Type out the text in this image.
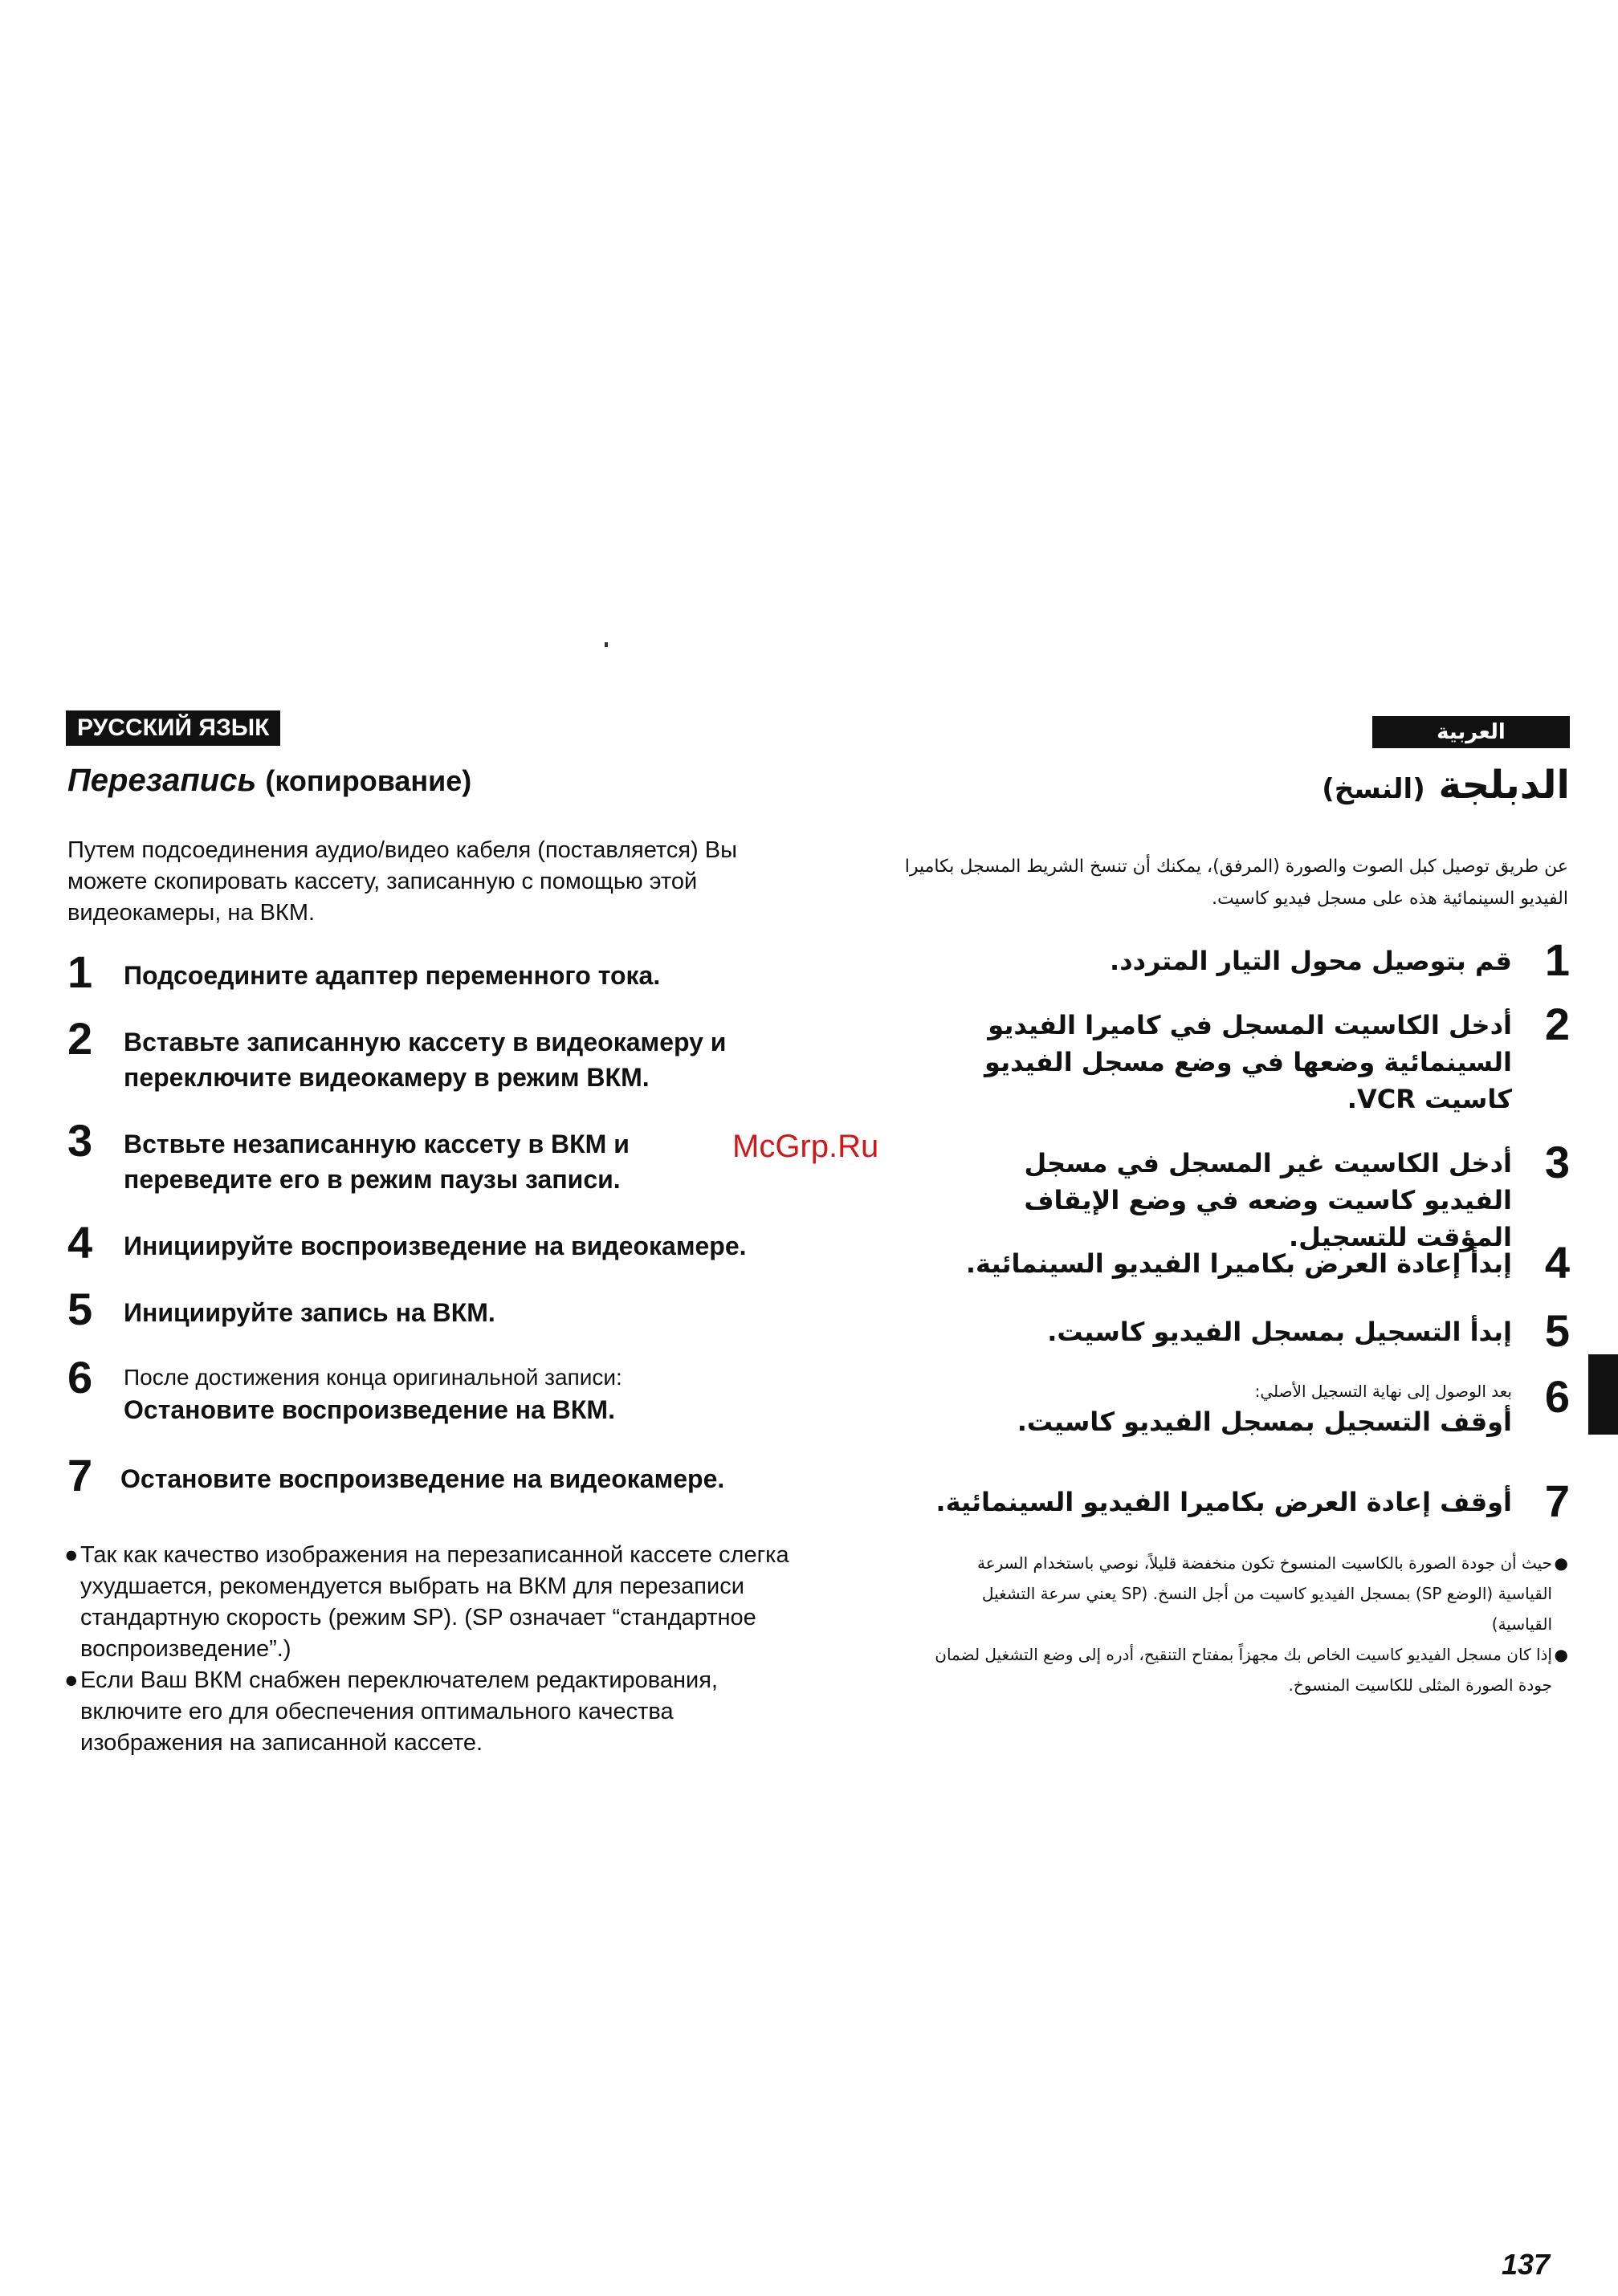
РУССКИЙ ЯЗЫК
Перезапись (копирование)
Путем подсоединения аудио/видео кабеля (поставляется) Вы можете скопировать кассету, записанную с помощью этой видеокамеры, на ВКМ.
1 Подсоедините адаптер переменного тока.
2 Вставьте записанную кассету в видеокамеру и переключите видеокамеру в режим ВКМ.
3 Вствьте незаписанную кассету в ВКМ и переведите его в режим паузы записи.
4 Инициируйте воспроизведение на видеокамере.
5 Инициируйте запись на ВКМ.
6 После достижения конца оригинальной записи:
Остановите воспроизведение на ВКМ.
7 Остановите воспроизведение на видеокамере.
● Так как качество изображения на перезаписанной кассете слегка ухудшается, рекомендуется выбрать на ВКМ для перезаписи стандартную скорость (режим SP). (SP означает “стандартное воспроизведение”.)
● Если Ваш ВКМ снабжен переключателем редактирования, включите его для обеспечения оптимального качества изображения на записанной кассете.
McGrp.Ru
العربية
الدبلجة (النسخ)
عن طريق توصيل كبل الصوت والصورة (المرفق)، يمكنك أن تنسخ الشريط المسجل بكاميرا الفيديو السينمائية هذه على مسجل فيديو كاسيت.
1
قم بتوصيل محول التيار المتردد.
2
أدخل الكاسيت المسجل في كاميرا الفيديو السينمائية وضعها في وضع مسجل الفيديو كاسيت VCR.
3
أدخل الكاسيت غير المسجل في مسجل الفيديو كاسيت وضعه في وضع الإيقاف المؤقت للتسجيل. 4
إبدأ إعادة العرض بكاميرا الفيديو السينمائية.
5
إبدأ التسجيل بمسجل الفيديو كاسيت.
6
بعد الوصول إلى نهاية التسجيل الأصلي:
أوقف التسجيل بمسجل الفيديو كاسيت.
7
أوقف إعادة العرض بكاميرا الفيديو السينمائية.
●
حيث أن جودة الصورة بالكاسيت المنسوخ تكون منخفضة قليلاً، نوصي باستخدام السرعة القياسية (الوضع SP) بمسجل الفيديو كاسيت من أجل النسخ. (SP يعني سرعة التشغيل القياسية)
●
إذا كان مسجل الفيديو كاسيت الخاص بك مجهزاً بمفتاح التنقيح، أدره إلى وضع التشغيل لضمان جودة الصورة المثلى للكاسيت المنسوخ.
137
